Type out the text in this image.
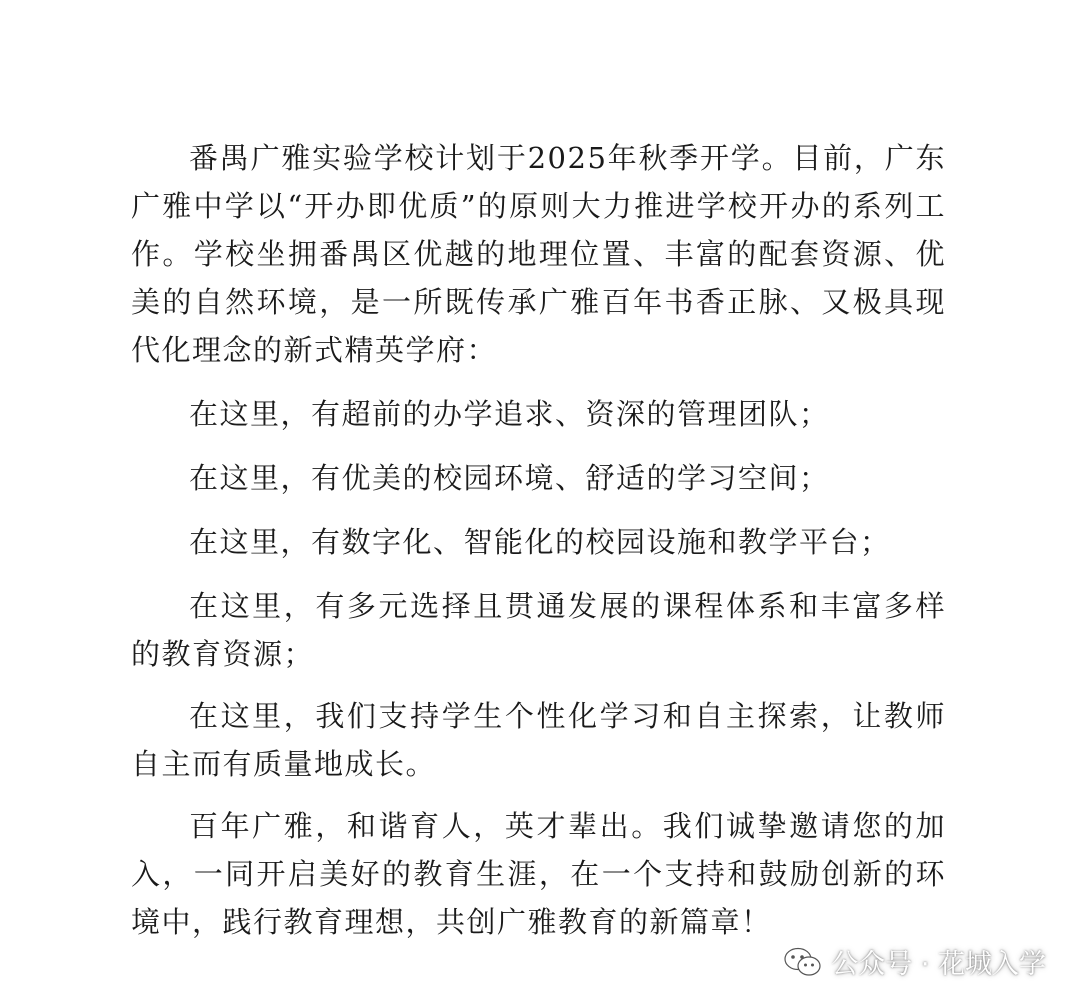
番禺广雅实验学校计划于2025年秋季开学。目前，广东广雅中学以“开办即优质”的原则大力推进学校开办的系列工作。学校坐拥番禺区优越的地理位置、丰富的配套资源、优美的自然环境，是一所既传承广雅百年书香正脉、又极具现代化理念的新式精英学府：

在这里，有超前的办学追求、资深的管理团队；

在这里，有优美的校园环境、舒适的学习空间；

在这里，有数字化、智能化的校园设施和教学平台；

在这里，有多元选择且贯通发展的课程体系和丰富多样的教育资源；

在这里，我们支持学生个性化学习和自主探索，让教师自主而有质量地成长。

百年广雅，和谐育人，英才辈出。我们诚挚邀请您的加入，一同开启美好的教育生涯，在一个支持和鼓励创新的环境中，践行教育理想，共创广雅教育的新篇章！

公众号 · 花城入学
